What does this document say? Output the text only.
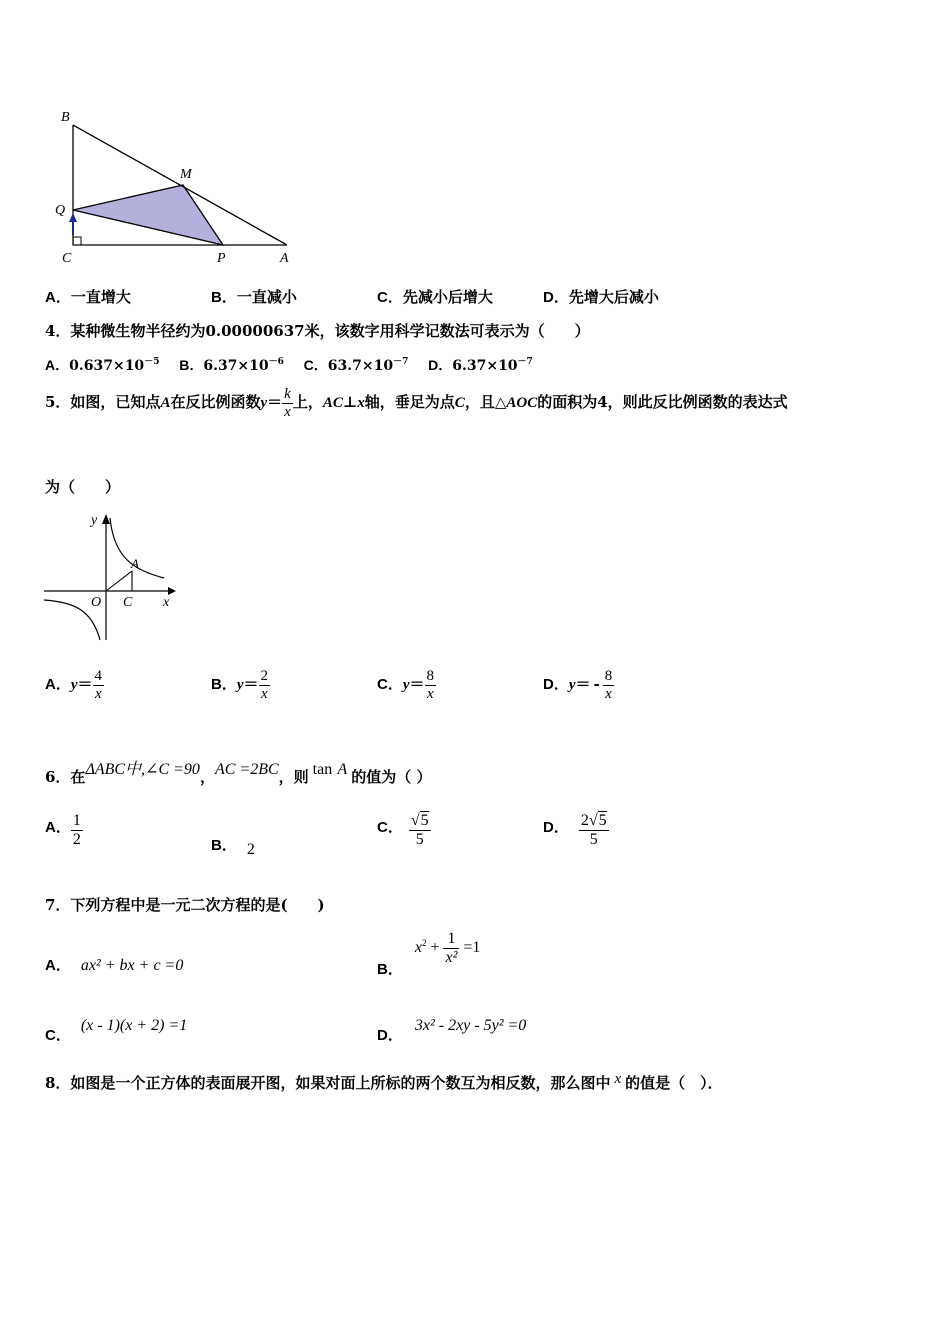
B
M
Q
C	P	A
A．一直增大	B．一直减小	C．先减小后增大	D．先增大后减小
4．某种微生物半径约为0.00000637米，该数字用科学记数法可表示为（　　）
A．$0.637\times 10^{-5}$ B．$6.37\times 10^{-6}$ C．$63.7\times 10^{-7}$ D．$6.37\times 10^{-7}$
5．如图，已知点A在反比例函数$y= \frac{k}{x}$ 上，AC⊥x轴，垂足为点C，且△AOC的面积为4，则此反比例函数的表达式
为（　　）
y
A
O C x
A．$y= \frac{4}{x}$	B．$y= \frac{2}{x}$	C．$y= \frac{8}{x}$	D．$y= - \frac{8}{x}$
6．在ΔABC中,∠C =90，AC =2BC，则 tan A 的值为（ ）
A． $\frac{1}{2}$	B． 2
C． $\frac{√5}{5}$	D． $\frac{2√5}{5}$
7．下列方程中是一元二次方程的是(　　)
A． ax² + bx + c =0	B．$x^2 + \frac{1}{\text{x²}} =1$
C．(x - 1)(x + 2) =1
D．3x² - 2xy - 5y² =0
8．如图是一个正方体的表面展开图，如果对面上所标的两个数互为相反数，那么图中 x 的值是（　）．
